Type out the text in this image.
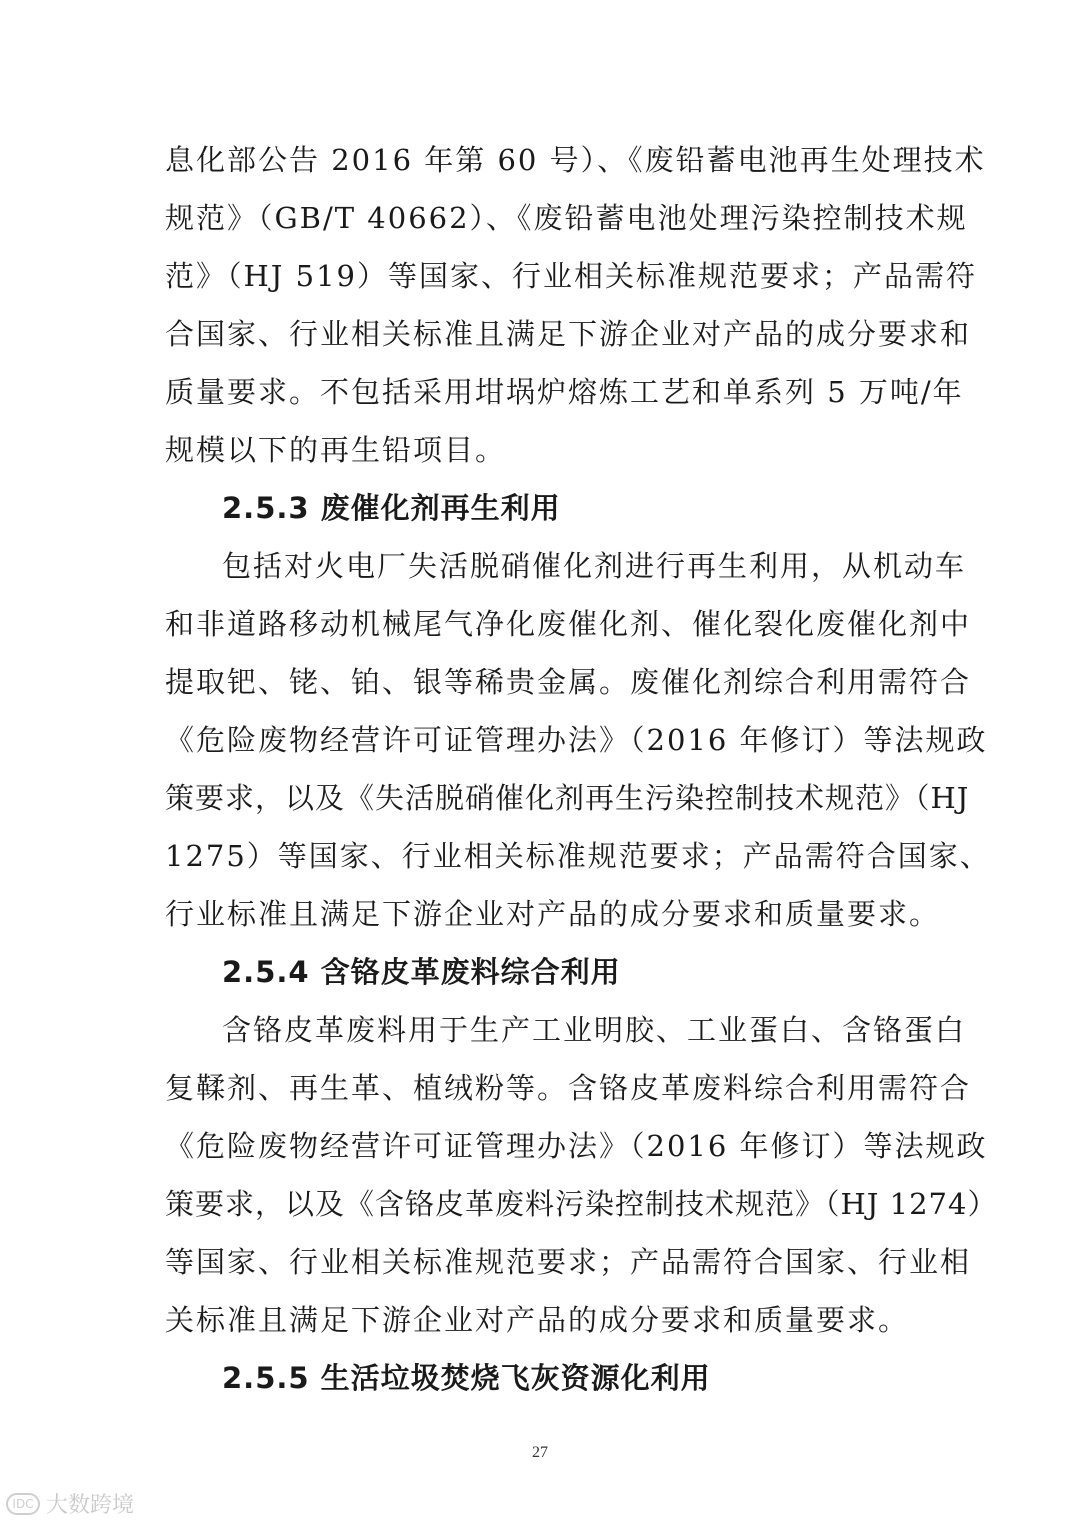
息化部公告 2016 年第 60 号）、《废铅蓄电池再生处理技术
规范》（GB/T 40662）、《废铅蓄电池处理污染控制技术规
范》（HJ 519）等国家、行业相关标准规范要求；产品需符
合国家、行业相关标准且满足下游企业对产品的成分要求和
质量要求。不包括采用坩埚炉熔炼工艺和单系列 5 万吨/年
规模以下的再生铅项目。
2.5.3 废催化剂再生利用
包括对火电厂失活脱硝催化剂进行再生利用，从机动车
和非道路移动机械尾气净化废催化剂、催化裂化废催化剂中
提取钯、铑、铂、银等稀贵金属。废催化剂综合利用需符合
《危险废物经营许可证管理办法》（2016 年修订）等法规政
策要求，以及《失活脱硝催化剂再生污染控制技术规范》（HJ
1275）等国家、行业相关标准规范要求；产品需符合国家、
行业标准且满足下游企业对产品的成分要求和质量要求。
2.5.4 含铬皮革废料综合利用
含铬皮革废料用于生产工业明胶、工业蛋白、含铬蛋白
复鞣剂、再生革、植绒粉等。含铬皮革废料综合利用需符合
《危险废物经营许可证管理办法》（2016 年修订）等法规政
策要求，以及《含铬皮革废料污染控制技术规范》（HJ 1274）
等国家、行业相关标准规范要求；产品需符合国家、行业相
关标准且满足下游企业对产品的成分要求和质量要求。
2.5.5 生活垃圾焚烧飞灰资源化利用
27
IDC 大数跨境
